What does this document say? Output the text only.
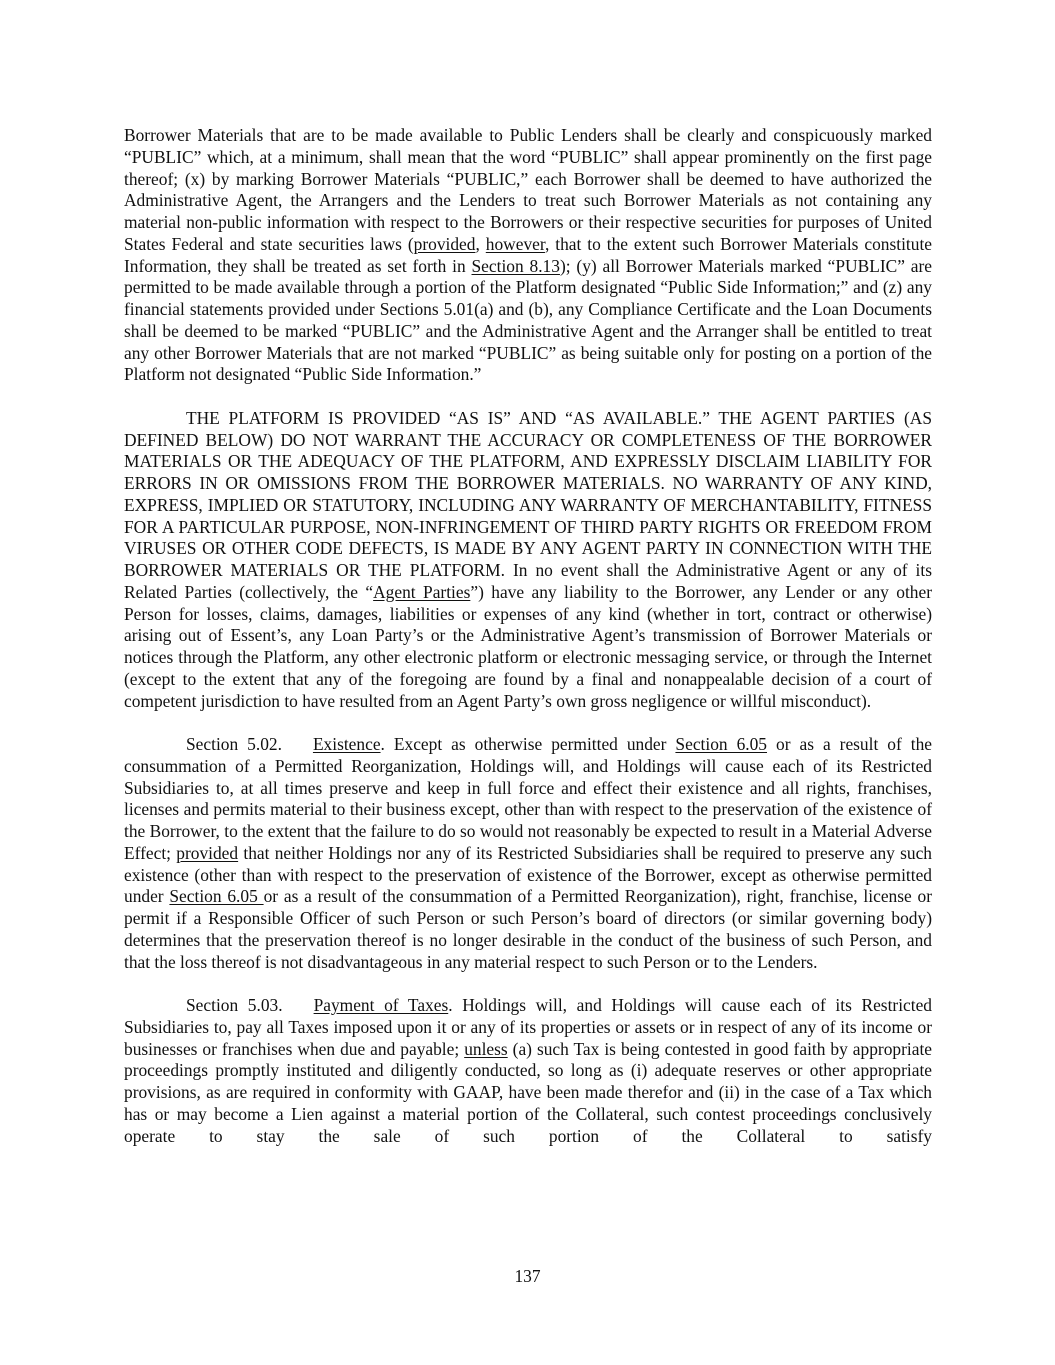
Borrower Materials that are to be made available to Public Lenders shall be clearly and conspicuously marked “PUBLIC” which, at a minimum, shall mean that the word “PUBLIC” shall appear prominently on the first page thereof; (x) by marking Borrower Materials “PUBLIC,” each Borrower shall be deemed to have authorized the Administrative Agent, the Arrangers and the Lenders to treat such Borrower Materials as not containing any material non-public information with respect to the Borrowers or their respective securities for purposes of United States Federal and state securities laws (provided, however, that to the extent such Borrower Materials constitute Information, they shall be treated as set forth in Section 8.13); (y) all Borrower Materials marked “PUBLIC” are permitted to be made available through a portion of the Platform designated “Public Side Information;” and (z) any financial statements provided under Sections 5.01(a) and (b), any Compliance Certificate and the Loan Documents shall be deemed to be marked “PUBLIC” and the Administrative Agent and the Arranger shall be entitled to treat any other Borrower Materials that are not marked “PUBLIC” as being suitable only for posting on a portion of the Platform not designated “Public Side Information.”

THE PLATFORM IS PROVIDED “AS IS” AND “AS AVAILABLE.” THE AGENT PARTIES (AS DEFINED BELOW) DO NOT WARRANT THE ACCURACY OR COMPLETENESS OF THE BORROWER MATERIALS OR THE ADEQUACY OF THE PLATFORM, AND EXPRESSLY DISCLAIM LIABILITY FOR ERRORS IN OR OMISSIONS FROM THE BORROWER MATERIALS. NO WARRANTY OF ANY KIND, EXPRESS, IMPLIED OR STATUTORY, INCLUDING ANY WARRANTY OF MERCHANTABILITY, FITNESS FOR A PARTICULAR PURPOSE, NON-INFRINGEMENT OF THIRD PARTY RIGHTS OR FREEDOM FROM VIRUSES OR OTHER CODE DEFECTS, IS MADE BY ANY AGENT PARTY IN CONNECTION WITH THE BORROWER MATERIALS OR THE PLATFORM. In no event shall the Administrative Agent or any of its Related Parties (collectively, the “Agent Parties”) have any liability to the Borrower, any Lender or any other Person for losses, claims, damages, liabilities or expenses of any kind (whether in tort, contract or otherwise) arising out of Essent’s, any Loan Party’s or the Administrative Agent’s transmission of Borrower Materials or notices through the Platform, any other electronic platform or electronic messaging service, or through the Internet (except to the extent that any of the foregoing are found by a final and nonappealable decision of a court of competent jurisdiction to have resulted from an Agent Party’s own gross negligence or willful misconduct).

Section 5.02. Existence. Except as otherwise permitted under Section 6.05 or as a result of the consummation of a Permitted Reorganization, Holdings will, and Holdings will cause each of its Restricted Subsidiaries to, at all times preserve and keep in full force and effect their existence and all rights, franchises, licenses and permits material to their business except, other than with respect to the preservation of the existence of the Borrower, to the extent that the failure to do so would not reasonably be expected to result in a Material Adverse Effect; provided that neither Holdings nor any of its Restricted Subsidiaries shall be required to preserve any such existence (other than with respect to the preservation of existence of the Borrower, except as otherwise permitted under Section 6.05 or as a result of the consummation of a Permitted Reorganization), right, franchise, license or permit if a Responsible Officer of such Person or such Person’s board of directors (or similar governing body) determines that the preservation thereof is no longer desirable in the conduct of the business of such Person, and that the loss thereof is not disadvantageous in any material respect to such Person or to the Lenders.

Section 5.03. Payment of Taxes. Holdings will, and Holdings will cause each of its Restricted Subsidiaries to, pay all Taxes imposed upon it or any of its properties or assets or in respect of any of its income or businesses or franchises when due and payable; unless (a) such Tax is being contested in good faith by appropriate proceedings promptly instituted and diligently conducted, so long as (i) adequate reserves or other appropriate provisions, as are required in conformity with GAAP, have been made therefor and (ii) in the case of a Tax which has or may become a Lien against a material portion of the Collateral, such contest proceedings conclusively operate to stay the sale of such portion of the Collateral to satisfy

137
